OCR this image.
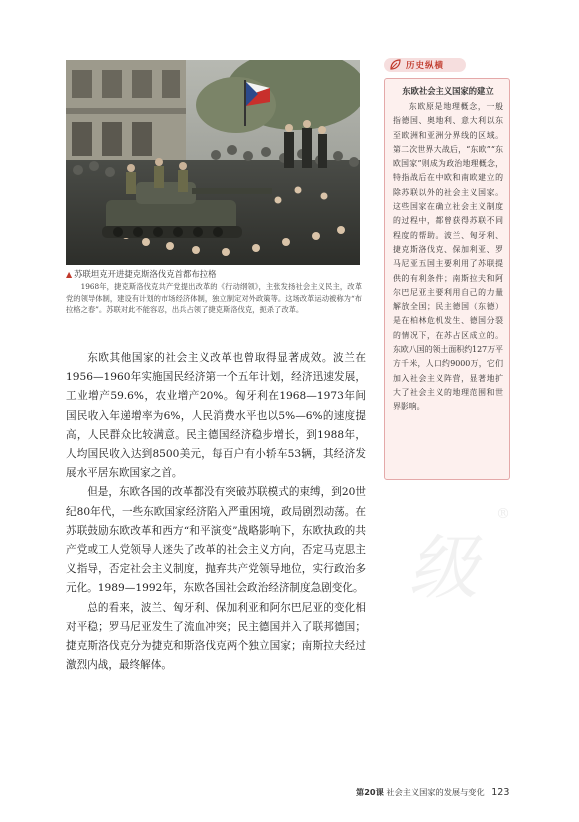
▲ 苏联坦克开进捷克斯洛伐克首都布拉格
1968年，捷克斯洛伐克共产党提出改革的《行动纲领》，主张发扬社会主义民主，改革党的领导体制，建设有计划的市场经济体制，独立制定对外政策等。这场改革运动被称为“布拉格之春”。苏联对此不能容忍，出兵占领了捷克斯洛伐克，扼杀了改革。

东欧其他国家的社会主义改革也曾取得显著成效。波兰在1956—1960年实施国民经济第一个五年计划，经济迅速发展，工业增产59.6%，农业增产20%。匈牙利在1968—1973年间国民收入年递增率为6%，人民消费水平也以5%—6%的速度提高，人民群众比较满意。民主德国经济稳步增长，到1988年，人均国民收入达到8500美元，每百户有小轿车53辆，其经济发展水平居东欧国家之首。

但是，东欧各国的改革都没有突破苏联模式的束缚，到20世纪80年代，一些东欧国家经济陷入严重困境，政局剧烈动荡。在苏联鼓励东欧改革和西方“和平演变”战略影响下，东欧执政的共产党或工人党领导人迷失了改革的社会主义方向，否定马克思主义指导，否定社会主义制度，抛弃共产党领导地位，实行政治多元化。1989—1992年，东欧各国社会政治经济制度急剧变化。

总的看来，波兰、匈牙利、保加利亚和阿尔巴尼亚的变化相对平稳；罗马尼亚发生了流血冲突；民主德国并入了联邦德国；捷克斯洛伐克分为捷克和斯洛伐克两个独立国家；南斯拉夫经过激烈内战，最终解体。

级
®
历史纵横
东欧社会主义国家的建立
东欧原是地理概念，一般指德国、奥地利、意大利以东至欧洲和亚洲分界线的区域。第二次世界大战后，“东欧”“东欧国家”则成为政治地理概念，特指战后在中欧和南欧建立的除苏联以外的社会主义国家。这些国家在确立社会主义制度的过程中，都曾获得苏联不同程度的帮助。波兰、匈牙利、捷克斯洛伐克、保加利亚、罗马尼亚五国主要利用了苏联提供的有利条件；南斯拉夫和阿尔巴尼亚主要利用自己的力量解放全国；民主德国（东德）是在柏林危机发生、德国分裂的情况下，在苏占区成立的。东欧八国的领土面积约127万平方千米，人口约9000万，它们加入社会主义阵营，显著地扩大了社会主义的地理范围和世界影响。
第20课 社会主义国家的发展与变化 123
